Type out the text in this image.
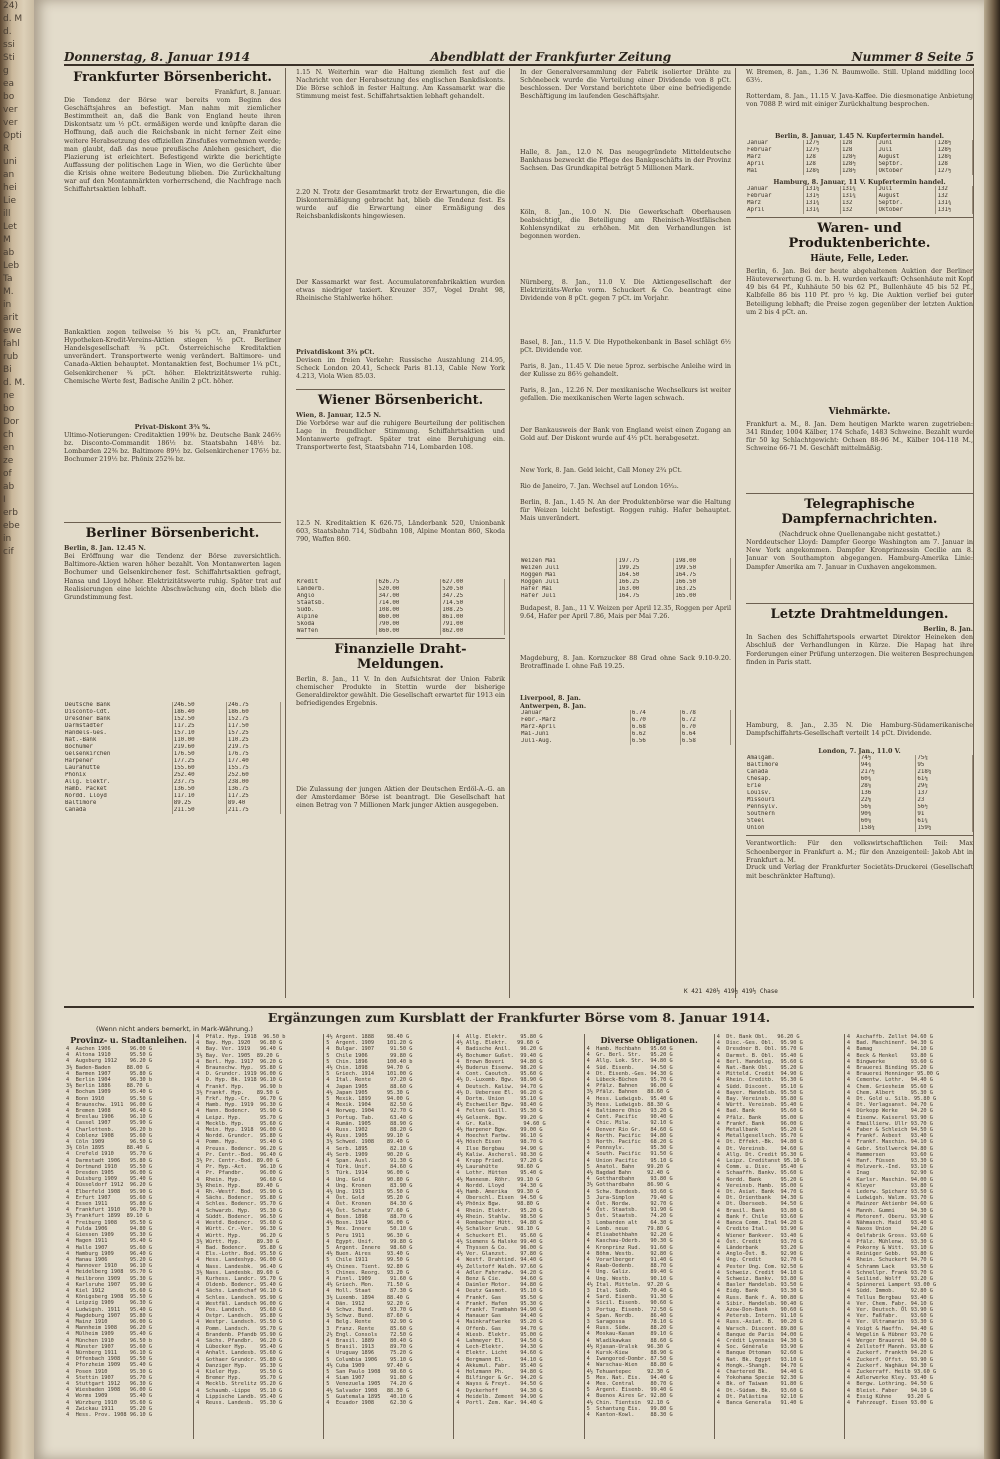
24)
d. M
d.
ssi
Sti
g
ea
bo
ver
ver
Opti
R
uni
an
hei
Lie
ill
Let
M
ab
Leb
Ta
M.
in
arit
ewe
fahl
rub
Bi
d. M.
ne
bo
Dor
ch
en
ze
of
ab
I
erb
ebe
in
cif
Donnerstag, 8. Januar 1914	Abendblatt der Frankfurter Zeitung	Nummer 8 Seite 5
Frankfurter Börsenbericht.
Frankfurt, 8. Januar.
Die Tendenz der Börse war bereits vom Beginn des Geschäftsjahres an befestigt. Man nahm mit ziemlicher Bestimmtheit an, daß die Bank von England heute ihren Diskontsatz um ½ pCt. ermäßigen werde und knüpfte daran die Hoffnung, daß auch die Reichsbank in nicht ferner Zeit eine weitere Herabsetzung des offiziellen Zinsfußes vornehmen werde; man glaubt, daß das neue preußische Anlehen gesichert, die Plazierung ist erleichtert. Befestigend wirkte die berichtigte Auffassung der politischen Lage in Wien, wo die Gerüchte über die Krisis ohne weitere Bedeutung blieben. Die Zurückhaltung war auf den Montanmärkten vorherrschend, die Nachfrage nach Schiffahrtsaktien lebhaft.
Bankaktien zogen teilweise ½ bis ¾ pCt. an, Frankfurter Hypotheken-Kredit-Vereins-Aktien stiegen ½ pCt. Berliner Handelsgesellschaft ¾ pCt. Österreichische Kreditaktien unverändert. Transportwerte wenig verändert. Baltimore- und Canada-Aktien behauptet. Montanaktien fest, Bochumer 1¼ pCt., Gelsenkirchener ¾ pCt. höher. Elektrizitätswerte ruhig. Chemische Werte fest, Badische Anilin 2 pCt. höher.
Privat-Diskont 3¾ %.
Ultimo-Notierungen: Creditaktien 199⅝ bz. Deutsche Bank 246½ bz. Disconto-Commandit 186½ bz. Staatsbahn 148½ bz. Lombarden 22⅜ bz. Baltimore 89½ bz. Gelsenkirchener 176½ bz. Bochumer 219½ bz. Phönix 252⅜ bz.
Berliner Börsenbericht.
Berlin, 8. Jan. 12.45 N.
Bei Eröffnung war die Tendenz der Börse zuversichtlich. Baltimore-Aktien waren höher bezahlt. Von Montanwerten lagen Bochumer und Gelsenkirchener fest. Schiffahrtsaktien gefragt, Hansa und Lloyd höher. Elektrizitätswerte ruhig. Später trat auf Realisierungen eine leichte Abschwächung ein, doch blieb die Grundstimmung fest.
Deutsche Bank	246.50	246.75
Disconto-Cdt.	186.40	186.60
Dresdner Bank	152.50	152.75
Darmstädter	117.25	117.50
Handels-Ges.	157.10	157.25
Nat.-Bank	110.00	110.25
Bochumer	219.60	219.75
Gelsenkirchen	176.50	176.75
Harpener	177.25	177.40
Laurahütte	155.60	155.75
Phönix	252.40	252.60
Allg. Elektr.	237.75	238.00
Hamb. Packet	136.50	136.75
Nordd. Lloyd	117.10	117.25
Baltimore	89.25	89.40
Canada	211.50	211.75
1.15 N. Weiterhin war die Haltung ziemlich fest auf die Nachricht von der Herabsetzung des englischen Bankdiskonts. Die Börse schloß in fester Haltung. Am Kassamarkt war die Stimmung meist fest. Schiffahrtsaktien lebhaft gehandelt.
2.20 N. Trotz der Gesamtmarkt trotz der Erwartungen, die die Diskontermäßigung gebracht hat, blieb die Tendenz fest. Es wurde auf die Erwartung einer Ermäßigung des Reichsbankdiskonts hingewiesen.
Der Kassamarkt war fest. Accumulatorenfabrikaktien wurden etwas niedriger taxiert. Kreuzer 357, Vogel Draht 98, Rheinische Stahlwerke höher.
Privatdiskont 3¾ pCt.
Devisen im freien Verkehr: Russische Auszahlung 214.95, Scheck London 20.41, Scheck Paris 81.13, Cable New York 4.213, Viola Wien 85.03.
Wiener Börsenbericht.
Wien, 8. Januar, 12.5 N.
Die Vorbörse war auf die ruhigere Beurteilung der politischen Lage in freundlicher Stimmung. Schiffahrtsaktien und Montanwerte gefragt. Später trat eine Beruhigung ein. Transportwerte fest, Staatsbahn 714, Lombarden 108.
12.5 N. Kreditaktien K 626.75, Länderbank 520, Unionbank 603, Staatsbahn 714, Südbahn 108, Alpine Montan 860, Skoda 790, Waffen 860.
Kredit	626.75	627.00
Länderb.	520.00	520.50
Anglo	347.00	347.25
Staatsb.	714.00	714.50
Südb.	108.00	108.25
Alpine	860.00	861.00
Skoda	790.00	791.00
Waffen	860.00	862.00
Finanzielle Draht-Meldungen.
Berlin, 8. Jan., 11 V. In den Aufsichtsrat der Union Fabrik chemischer Produkte in Stettin wurde der bisherige Generaldirektor gewählt. Die Gesellschaft erwartet für 1913 ein befriedigendes Ergebnis.
Die Zulassung der jungen Aktien der Deutschen Erdöl-A.-G. an der Amsterdamer Börse ist beantragt. Die Gesellschaft hat einen Betrag von 7 Millionen Mark junger Aktien ausgegeben.
In der Generalversammlung der Fabrik isolierter Drähte zu Schönebeck wurde die Verteilung einer Dividende von 8 pCt. beschlossen. Der Vorstand berichtete über eine befriedigende Beschäftigung im laufenden Geschäftsjahr.
Halle, 8. Jan., 12.0 N. Das neugegründete Mitteldeutsche Bankhaus bezweckt die Pflege des Bankgeschäfts in der Provinz Sachsen. Das Grundkapital beträgt 5 Millionen Mark.
Köln, 8. Jan., 10.0 N. Die Gewerkschaft Oberhausen beabsichtigt, die Beteiligung am Rheinisch-Westfälischen Kohlensyndikat zu erhöhen. Mit den Verhandlungen ist begonnen worden.
Nürnberg, 8. Jan., 11.0 V. Die Aktiengesellschaft der Elektrizitäts-Werke vorm. Schuckert & Co. beantragt eine Dividende von 8 pCt. gegen 7 pCt. im Vorjahr.
Basel, 8. Jan., 11.5 V. Die Hypothekenbank in Basel schlägt 6½ pCt. Dividende vor.
Paris, 8. Jan., 11.45 V. Die neue 5proz. serbische Anleihe wird in der Kulisse zu 86½ gehandelt.
Paris, 8. Jan., 12.26 N. Der mexikanische Wechselkurs ist weiter gefallen. Die mexikanischen Werte lagen schwach.
Der Bankausweis der Bank von England weist einen Zugang an Gold auf. Der Diskont wurde auf 4½ pCt. herabgesetzt.
New York, 8. Jan. Geld leicht, Call Money 2¾ pCt.
Rio de Janeiro, 7. Jan. Wechsel auf London 16³⁄₃₂.
Berlin, 8. Jan., 1.45 N. An der Produktenbörse war die Haltung für Weizen leicht befestigt. Roggen ruhig. Hafer behauptet. Mais unverändert.
Weizen Mai	197.75	198.00
Weizen Juli	199.25	199.50
Roggen Mai	164.50	164.75
Roggen Juli	166.25	166.50
Hafer Mai	163.00	163.25
Hafer Juli	164.75	165.00
Budapest, 8. Jan., 11 V. Weizen per April 12.35, Roggen per April 9.64, Hafer per April 7.86, Mais per Mai 7.26.
Magdeburg, 8. Jan. Kornzucker 88 Grad ohne Sack 9.10-9.20. Brotraffinade I. ohne Faß 19.25.
Liverpool, 8. Jan.
Antwerpen, 8. Jan.
Januar	6.74	6.78
Febr.-März	6.70	6.72
März-April	6.68	6.70
Mai-Juni	6.62	6.64
Juli-Aug.	6.56	6.58
W. Bremen, 8. Jan., 1.36 N. Baumwolle. Still. Upland middling loco 63½.
Rotterdam, 8. Jan., 11.15 V. Java-Kaffee. Die diesmonatige Anbietung von 7088 P. wird mit einiger Zurückhaltung besprochen.
Berlin, 8. Januar, 1.45 N. Kupfertermin handel.
Januar	127½	128	Juni	128½
Februar	127½	128	Juli	128½
März	128	128½	August	128¼
April	128	128½	Septbr.	128
Mai	128¼	128½	Oktober	127½
Hamburg, 8. Januar, 11 V. Kupfertermin handel.
Januar	131¼	131¾	Juli	132
Februar	131½	131¾	August	132
März	131¾	132	Septbr.	131¾
April	131¾	132	Oktober	131½
Waren- und Produktenberichte.
Häute, Felle, Leder.
Berlin, 6. Jan. Bei der heute abgehaltenen Auktion der Berliner Häuteverwertung G. m. b. H. wurden verkauft: Ochsenhäute mit Kopf 49 bis 64 Pf., Kuhhäute 50 bis 62 Pf., Bullenhäute 45 bis 52 Pf., Kalbfelle 86 bis 110 Pf. pro ½ kg. Die Auktion verlief bei guter Beteiligung lebhaft; die Preise zogen gegenüber der letzten Auktion um 2 bis 4 pCt. an.
Viehmärkte.
Frankfurt a. M., 8. Jan. Dem heutigen Markte waren zugetrieben: 341 Rinder, 1004 Kälber, 174 Schafe, 1483 Schweine. Bezahlt wurde für 50 kg Schlachtgewicht: Ochsen 88-96 M., Kälber 104-118 M., Schweine 66-71 M. Geschäft mittelmäßig.
Telegraphische Dampfernachrichten.
(Nachdruck ohne Quellenangabe nicht gestattet.)
Norddeutscher Lloyd: Dampfer George Washington am 7. Januar in New York angekommen. Dampfer Kronprinzessin Cecilie am 8. Januar von Southampton abgegangen. Hamburg-Amerika Linie: Dampfer Amerika am 7. Januar in Cuxhaven angekommen.
Letzte Drahtmeldungen.
Berlin, 8. Jan.
In Sachen des Schiffahrtspools erwartet Direktor Heineken den Abschluß der Verhandlungen in Kürze. Die Hapag hat ihre Forderungen einer Prüfung unterzogen. Die weiteren Besprechungen finden in Paris statt.
Hamburg, 8. Jan., 2.35 N. Die Hamburg-Südamerikanische Dampfschiffahrts-Gesellschaft verteilt 14 pCt. Dividende.
London, 7. Jan., 11.0 V.
Amalgam.	74½	75¼
Baltimore	94⅝	95
Canada	217½	218¼
Chesap.	60¾	61⅛
Erie	28⅞	29¼
Louisv.	136	137
Missouri	22⅛	23
Pennsylv.	56⅛	56½
Southern	90⅜	91
Steel	60⅞	61¾
Union	158¼	159¼
Verantwortlich: Für den volkswirtschaftlichen Teil: Max Schoenberger in Frankfurt a. M.; für den Anzeigenteil: Jakob Abt in Frankfurt a. M.
Druck und Verlag der Frankfurter Societäts-Druckerei (Gesellschaft mit beschränkter Haftung).
K 421 420½ 419½ 419½ Chase
Ergänzungen zum Kursblatt der Frankfurter Börse vom 8. Januar 1914.
(Wenn nicht anders bemerkt, in Mark-Währung.)
Provinz- u. Stadtanleihen.
4  Aachen 1906      96.00 G
4  Altona 1910      95.50 G
4  Augsburg 1912    96.20 G
3½ Baden-Baden     88.00 G
4  Barmen 1907      95.80 G
4  Berlin 1904      96.30 b
3½ Berlin 1886     88.70 G
4  Bochum 1909      95.40 G
4  Bonn 1910        95.50 G
4  Braunschw. 1911  96.00 G
4  Bremen 1908      96.40 G
4  Breslau 1906     96.10 G
4  Cassel 1907      95.90 G
4  Charlottenb.     96.20 b
4  Coblenz 1908     95.60 G
4  Cöln 1909        96.50 G
3½ Cöln 1895       88.40 G
4  Crefeld 1910     95.70 G
4  Darmstadt 1906   95.80 G
4  Dortmund 1910    95.50 G
4  Dresden 1905     96.00 G
4  Duisburg 1909    95.40 G
4  Düsseldorf 1912  96.20 G
4  Elberfeld 1908   95.90 G
4  Erfurt 1907      95.60 G
4  Essen 1911       95.80 G
4  Frankfurt 1910   96.70 b
3½ Frankfurt 1899  89.10 G
4  Freiburg 1908    95.50 G
4  Fulda 1906       94.80 G
4  Giessen 1909     95.30 G
4  Hagen 1911       95.40 G
4  Halle 1907       95.60 G
4  Hamburg 1909     96.40 G
4  Hanau 1906       95.20 G
4  Hannover 1910    96.10 G
4  Heidelberg 1908  95.70 G
4  Heilbronn 1909   95.30 G
4  Karlsruhe 1907   95.90 G
4  Kiel 1912        95.60 G
4  Königsberg 1908  95.50 G
4  Leipzig 1909     96.30 G
4  Ludwigsh. 1911   95.40 G
4  Magdeburg 1907   95.80 G
4  Mainz 1910       96.00 G
4  Mannheim 1908    96.20 G
4  Mülheim 1909     95.40 G
4  München 1910     96.50 b
4  Münster 1907     95.60 G
4  Nürnberg 1911    96.10 G
4  Offenbach 1908   95.50 G
4  Pforzheim 1909   95.40 G
4  Posen 1910       95.30 G
4  Stettin 1907     95.70 G
4  Stuttgart 1912   96.30 G
4  Wiesbaden 1908   96.00 G
4  Worms 1909       95.40 G
4  Würzburg 1910    95.60 G
4  Zwickau 1911     95.20 G
4  Hess. Prov. 1908 96.10 G
4  Pfälz. Hyp. 1918  96.50 b
4  Bay. Hyp. 1920   96.80 G
4  Bay. Ver. 1919   96.40 G
3½ Bay. Ver. 1905  89.20 G
4  Berl. Hyp. 1917  96.20 G
4  Braunschw. Hyp.  95.80 G
4  D. Grundcr. 1919 96.00 G
4  D. Hyp. Bk. 1918 96.10 G
4  Frankf. Hyp.     96.90 b
3½ Frankf. Hyp.    89.50 G
4  Frkf. Hyp.-Cr.   96.70 G
4  Hamb. Hyp. 1919  96.30 G
4  Hann. Bodencr.   95.90 G
4  Leipz. Hyp.      95.70 G
4  Mecklb. Hyp.     95.60 G
4  Mein. Hyp. 1918  96.00 G
4  Nordd. Grundcr.  95.80 G
4  Pomm. Hyp.       95.40 G
4  Preuss. Bodencr. 96.20 G
4  Pr. Centr.-Bod.  96.40 G
3½ Pr. Centr.-Bod. 89.00 G
4  Pr. Hyp.-Act.    96.10 G
4  Pr. Pfandbr.     96.00 G
4  Rhein. Hyp.      96.60 G
3½ Rhein. Hyp.     89.40 G
4  Rh.-Westf. Bod.  95.90 G
4  Sächs. Bodencr.  95.80 G
4  Schles. Bodencr. 95.70 G
4  Schwarzb. Hyp.   95.30 G
4  Süddt. Bodencr.  96.50 G
4  Westd. Bodencr.  95.60 G
4  Württ. Cr.-Ver.  96.30 G
4  Württ. Hyp.      96.20 G
3½ Württ. Hyp.     89.30 G
4  Bad. Bodencr.    95.80 G
4  Els.-Lothr. Bod. 95.50 G
4  Hess. Landeshyp. 96.00 G
4  Nass. Landesbk.  96.40 G
3½ Nass. Landesbk. 89.60 G
4  Kurhess. Landcr. 95.70 G
4  Oldenb. Bodencr. 95.40 G
4  Sächs. Landschaf 96.10 G
4  Schles. Landsch. 95.90 G
4  Westfäl. Landsch 96.00 G
4  Pos. Landsch.    95.60 G
4  Ostpr. Landsch.  95.80 G
4  Westpr. Landsch. 95.50 G
4  Pomm. Landsch.   95.70 G
4  Brandenb. Pfandb 95.90 G
4  Sächs. Pfandbr.  96.20 G
4  Lübecker Hyp.    95.40 G
4  Anhalt. Landesb. 95.60 G
4  Gothaer Grundcr. 95.80 G
4  Danziger Hyp.    95.30 G
4  Kieler Hyp.      95.50 G
4  Bremer Hyp.      95.70 G
4  Mecklb. Strelitz 95.20 G
4  Schaumb.-Lippe   95.10 G
4  Lippische Landb. 95.40 G
4  Reuss. Landesb.  95.30 G
4½ Argent. 1888    98.40 G
5  Argent. 1909    101.20 G
4  Bulgar. 1907     91.50 G
5  Chile 1906       99.80 G
5  Chin. 1896      100.40 b
4½ Chin. 1898      94.70 G
5  Griech. 1914    101.00 G
4  Ital. Rente      97.20 G
4  Japan 1905       88.60 G
4½ Japan 1905      95.30 G
5  Mexik. 1899     94.00 G
4  Mexik. 1904      82.50 G
4  Norweg. 1904     92.70 G
3  Portug. Tab.     63.40 G
4  Rumän. 1905      88.90 G
4  Russ. 1902       88.20 G
4½ Russ. 1905      99.10 G
3½ Schwed. 1908    89.40 G
4  Serb. 1895       82.10 G
4½ Serb. 1909      90.20 G
4  Span. Ausl.      91.30 G
4  Türk. Unif.      84.60 G
5  Türk. 1914      96.00 G
4  Ung. Gold       90.80 G
4  Ung. Kronen      83.90 G
4½ Ung. 1913       95.50 G
4  Öst. Gold       95.20 G
4  Öst. Kronen      84.30 G
4½ Öst. Schatz     97.60 G
4  Bosn. 1898       88.70 G
4½ Bosn. 1914      96.00 G
3  Mex. Innere      50.10 G
5  Peru 1911       96.30 G
4  Egypt. Unif.     99.80 G
5  Argent. Innere   98.60 G
4½ Buen. Aires     93.40 G
5  Chile 1911      99.50 G
4½ Chines. Tient.  92.80 G
5  Chines. Reorg.  93.20 G
4  Finnl. 1909      91.60 G
4½ Griech. Mon.    71.50 G
4  Holl. Staat      87.30 G
3½ Luxemb. 1894    88.40 G
4  Dän. 1912       92.20 G
4  Schwz. Bund.     93.70 G
3½ Schwz. Bund.    87.60 G
4  Belg. Rente      92.90 G
3  Franz. Rente     85.60 G
2½ Engl. Consols    72.50 G
4  Brasil. 1889     80.40 G
5  Brasil. 1913     89.70 G
4  Uruguay 1896     75.20 G
5  Columbia 1906    95.10 G
4½ Cuba 1909       97.40 G
5  San Paulo 1908   98.60 G
4  Siam 1907        91.80 G
5  Venezuela 1905   74.20 G
4½ Salvador 1908   88.30 G
5  Guatemala 1895   40.10 G
4  Ecuador 1908     62.30 G
4  Allg. Elektr.    95.80 G
4½ Allg. Elektr.   99.60 G
4  Badische Anil.   96.20 G
4½ Bochumer Gußst.  99.40 G
4  Brown Boveri     94.80 G
4½ Buderus Eisenw.  98.20 G
4  Cont. Caoutch.   95.60 G
4½ D.-Luxemb. Bgw.  98.90 G
4  Deutsch. Kaliw.  94.70 G
4½ D. Uebersee El.  96.20 G
4  Dortm. Union     95.10 G
4½ Eschweiler Bgw.  98.40 G
4  Felten Guill.    95.30 G
4½ Gelsenk. Bgw.    99.20 G
4  Gr. Kalk.         94.60 G
4½ Harpener Bgw.    99.00 G
4  Hoechst Farbw.   96.10 G
4½ Hösch Eisen      98.70 G
4  Ilse Bergbau     94.90 G
4½ Kaliw. Aschersl. 98.30 G
4  Krupp Fried.     97.20 G
4½ Laurahütte      98.60 G
4  Lothr. Hütten    95.40 G
4½ Mannesm. Röhr.  99.10 G
4  Nordd. Lloyd     94.30 G
4½ Hamb. Amerika   99.30 G
4  Oberschl. Eisen  94.50 G
4½ Phönix Bgw.     98.80 G
4  Rhein. Elektr.   95.20 G
4½ Rhein. Stahlw.   98.50 G
4  Rombacher Hütt.  94.80 G
4½ Schalker Grub.  98.10 G
4  Schuckert El.    95.60 G
4½ Siemens & Halske 99.40 G
4  Thyssen & Co.    96.00 G
4½ Ver. Glanzst.    97.80 G
4  Westf. Drahtind. 94.40 G
4½ Zellstoff Waldh. 97.60 G
4  Adler Fahrradw.  94.20 G
4  Benz & Cie.      94.60 G
4  Daimler Motor.   94.80 G
4  Deutz Gasmot.    95.10 G
4  Frankf. Gas      95.50 G
4  Frankf. Hafen    95.30 G
4  Frankf. Trambahn 94.90 G
4  Hanauer Gas      94.40 G
4  Mainkraftwerke   95.20 G
4  Offenb. Gas      94.70 G
4  Wiesb. Elektr.   95.00 G
4  Lahmeyer El.     94.50 G
4  Lech-Elektr.     94.30 G
4  Elektr. Licht    94.60 G
4  Bergmann El.     94.10 G
4  Akkumul. Fabr.   95.40 G
4  Holzmann Ph.     94.80 G
4  Bilfinger & Gr.  94.20 G
4  Wayss & Freyt.   94.50 G
4  Dyckerhoff       94.30 G
4  Heidelb. Zement  94.90 G
4  Portl. Zem. Kar. 94.40 G
Diverse Obligationen.
4  Hamb. Hochbahn   95.60 G
4  Gr. Berl. Str.   95.20 G
4  Allg. Lok. Str.  94.80 G
4  Süd. Eisenb.     94.50 G
4  Dt. Eisenb.-Ges. 94.30 G
4  Lübeck-Büchen    95.70 G
4  Pfälz. Bahnen    96.00 G
3½ Pfälz. Bahnen   88.60 G
4  Hess. Ludwigsb.  95.40 G
3½ Hess. Ludwigsb. 88.30 G
4  Baltimore Ohio   93.20 G
4  Cent. Pacific    90.40 G
4  Chic. Milw.      92.10 G
4  Denver Rio Gr.   84.60 G
4  North. Pacific   94.80 G
3  North. Pacific   68.20 G
4  Pennsylv.        95.30 G
4  South. Pacific   91.50 G
4  Union Pacific    95.10 G
5  Anatol. Bahn    99.20 G
4½ Bagdad Bahn     92.40 G
4  Gotthardbahn     93.80 G
3½ Gotthardbahn    86.90 G
4  Schw. Bundesb.   93.60 G
3  Jura-Simplon     79.40 G
4  Öst. Nordw.      92.70 G
4  Öst. Staatsb.    91.90 G
3  Öst. Staatsb.    74.20 G
3  Lombarden alt    64.30 G
4  Lomb. neue      79.80 G
4  Elisabethbahn    92.20 G
4  Kaschau-Oderb.   90.30 G
4  Kronprinz Rud.   91.60 G
4  Böhm. Westb.     92.80 G
4  Vorarlberger     91.40 G
4  Raab-Oedenb.     88.70 G
4  Ung. Galiz.      89.40 G
4  Ung. Westb.      90.10 G
4½ Ital. Mittelm.  97.20 G
3  Ital. Südb.      70.40 G
4  Sard. Eisenb.    91.30 G
4  Sicil. Eisenb.   90.60 G
3  Portug. Eisenb.  72.50 G
4  Span. Nordb.     86.40 G
3  Saragossa        78.10 G
4  Russ. Südw.      88.20 G
4  Moskau-Kasan     89.10 G
4  Wladikawkas      88.60 G
4½ Rjasan-Uralsk   96.30 G
4  Kursk-Kiew       88.90 G
4  Iwangorod-Dombr. 87.50 G
4  Warschau-Wien    88.80 G
4½ Tehuantepec     92.30 G
5  Mex. Nat. Eis.   94.40 G
4  Mex. Central     80.70 G
5  Argent. Eisenb.  99.40 G
4  Buenos Aires Gr. 92.80 G
4½ Chin. Tientsin  92.10 G
5  Schantung Eis.   99.80 G
4  Kanton-Kowl.     88.30 G
4  Dt. Bank Obl.   96.20 G
4  Disc.-Ges. Obl.  95.90 G
4  Dresdner B. Obl. 95.70 G
4  Darmst. B. Obl.  95.40 G
4  Berl. Handelsg.  95.60 G
4  Nat.-Bank Obl.   95.20 G
4  Mitteld. Credit  94.90 G
4  Rhein. Creditb.  95.30 G
4  Südd. Discont.   95.10 G
4  Bayer. Handelsb. 95.50 G
4  Bay. Vereinsb.   95.80 G
4  Württ. Vereinsb. 95.40 G
4  Bad. Bank        95.60 G
4  Pfälz. Bank      95.00 G
4  Frankf. Bank     96.00 G
4  Metallbank       95.20 G
4  Metallgesellsch. 95.70 G
4  Dt. Effekt.-Bk.  94.80 G
4  Dt. Vereinsb.    94.60 G
4  Allg. Dt. Credit 95.30 G
4  Leipz. Creditanst 95.10 G
4  Comm. u. Disc.   95.40 G
4  Schaaffh. Bankv. 95.60 G
4  Nordd. Bank      95.20 G
4  Vereinsb. Hamb.  95.00 G
4  Dt. Asiat. Bank  94.70 G
4  Dt. Orientbank   94.30 G
4  Dt. Überseeb.    94.50 G
4  Brasil. Bank     93.80 G
4  Bank f. Chile    93.60 G
4  Banca Comm. Ital 94.20 G
4  Credito Ital.    93.90 G
4  Wiener Bankver.  93.40 G
4  Öst. Credit      93.70 G
4  Länderbank       93.20 G
4  Anglo-Öst. B.    92.90 G
4  Ung. Credit      92.70 G
4  Pester Ung. Com. 92.50 G
4  Schweiz. Credit  94.10 G
4  Schweiz. Bankv.  93.80 G
4  Basler Handelsb. 93.50 G
4  Eidg. Bank       93.30 G
4  Russ. Bank f. A. 90.80 G
4  Sibir. Handelsb. 90.40 G
4  Azow-Don-Bank    90.60 G
4  Petersb. Intern. 91.10 G
4  Russ.-Asiat. B.  90.20 G
4  Warsch. Discont. 89.80 G
4  Banque de Paris  94.00 G
4  Crédit Lyonnais  94.30 G
4  Soc. Générale    93.90 G
4  Banque Ottoman   92.60 G
4  Nat. Bk. Egypt   93.10 G
4  Hongk.-Shangh.   94.70 G
4  Chartered Bk.    94.40 G
4  Yokohama Specie  92.30 G
4  Bk. of Taiwan    91.80 G
4  Dt.-Südam. Bk.   93.60 G
4  Dt. Palästina    92.10 G
4  Banca Generala   91.40 G
4  Aschaffb. Zellst 94.60 G
4  Bad. Maschinenf. 94.30 G
4  Bamag            94.10 G
4  Beck & Henkel    93.80 G
4  Bingwerke        93.60 G
4  Brauerei Binding 95.20 G
4  Brauerei Henninger 95.00 G
4  Cementw. Lothr.  94.40 G
4  Chem. Griesheim  95.60 G
4  Chem. Albert     95.30 G
4  Dt. Gold u. Silb. 95.80 G
4  Dt. Verlagsanst. 94.70 G
4  Dürkopp Werke    94.20 G
4  Eisenw. Kaisersl 93.90 G
4  Emaillierw. Ullr 93.70 G
4  Faber & Schleich 94.50 G
4  Frankf. Asbest   93.40 G
4  Frankf. Maschin. 94.10 G
4  Gebr. Stollwerck 94.80 G
4  Hammersen        93.60 G
4  Hanf. Füssen     93.30 G
4  Holzverk.-Ind.   93.10 G
4  Inag             92.90 G
4  Karlsr. Maschin. 94.00 G
4  Kleyer           93.80 G
4  Lederw. Spicharz 93.50 G
4  Ludwigsh. Walzm. 93.70 G
4  Mainzer Aktienbr 94.60 G
4  Mannh. Gummi     94.30 G
4  Motorenf. Oberu. 93.90 G
4  Nähmasch. Haid   93.40 G
4  Naxos Union      94.20 G
4  Oelfabrik Gross. 93.60 G
4  Pfälz. Mühlenw.  93.30 G
4  Pokorny & Witt.  93.10 G
4  Reiniger Gebb.   93.80 G
4  Rhein. Schuckert 94.70 G
4  Schramm Lack     93.50 G
4  Schnellpr. Frank 93.70 G
4  Seilind. Wolff   93.20 G
4  Spinnerei Lampert 93.00 G
4  Südd. Immob.     92.80 G
4  Tellus Bergbau   93.40 G
4  Ver. Chem. Fabr. 94.10 G
4  Ver. Deutsch. Öl 93.90 G
4  Ver. Faßfabr.    93.60 G
4  Ver. Ultramarin  93.30 G
4  Voigt & Haeffn.  94.40 G
4  Wegelin & Hübner 93.70 G
4  Werger Brauerei  94.00 G
4  Zellstoff Mannh. 93.80 G
4  Zuckerf. Frankth 94.20 G
4  Zuckerf. Offst.  93.90 G
4  Zuckerf. Waghäus 94.30 G
4  Zuckerraff. Heilb 93.60 G
4  Adlerwerke Kley. 93.40 G
4  Bergw. Lothring. 94.50 G
4  Bleist. Faber    94.10 G
4  Essig Kühne     93.20 G
4  Fahrzeugf. Eisen 93.00 G
